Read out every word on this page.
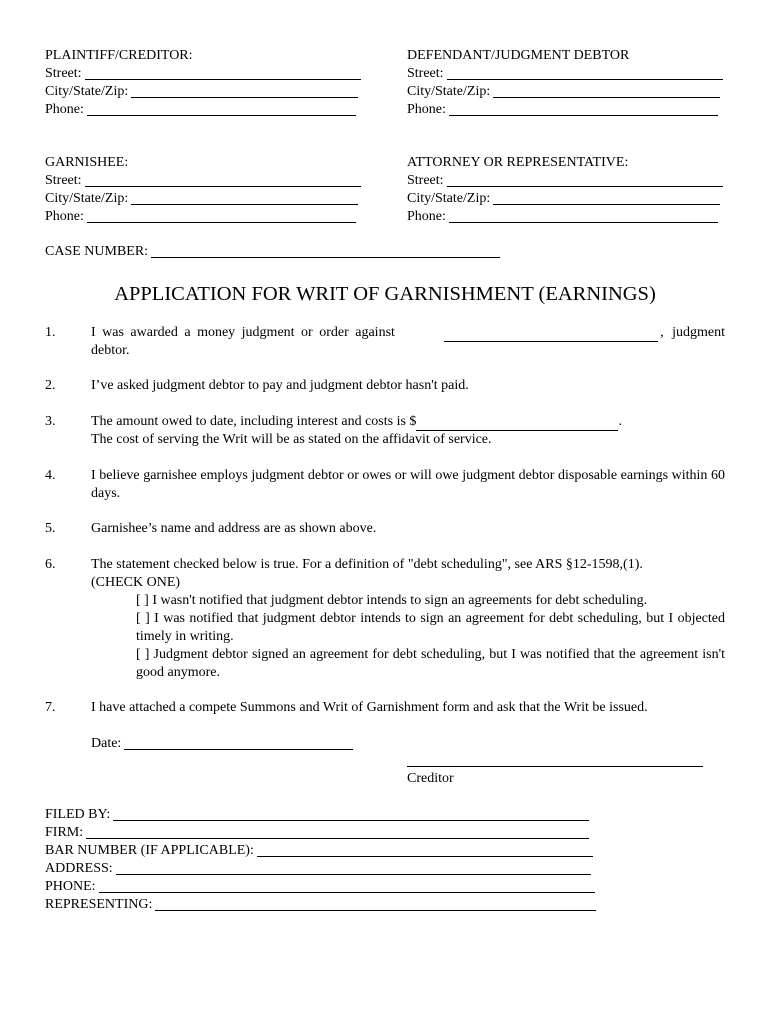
PLAINTIFF/CREDITOR:
Street:
City/State/Zip:
Phone:
DEFENDANT/JUDGMENT DEBTOR
Street:
City/State/Zip:
Phone:
GARNISHEE:
Street:
City/State/Zip:
Phone:
ATTORNEY OR REPRESENTATIVE:
Street:
City/State/Zip:
Phone:
CASE NUMBER:
APPLICATION FOR WRIT OF GARNISHMENT (EARNINGS)
1.	I was awarded a money judgment or order against	, judgment
debtor.
2.	I’ve asked judgment debtor to pay and judgment debtor hasn't paid.
3.	The amount owed to date, including interest and costs is $	.
The cost of serving the Writ will be as stated on the affidavit of service.
4.	I believe garnishee employs judgment debtor or owes or will owe judgment debtor disposable earnings within 60 days.
5.	Garnishee’s name and address are as shown above.
6.	The statement checked below is true. For a definition of "debt scheduling", see ARS §12-1598,(1).
(CHECK ONE)
[ ] I wasn't notified that judgment debtor intends to sign an agreements for debt scheduling.
[ ] I was notified that judgment debtor intends to sign an agreement for debt scheduling, but I objected timely in writing.
[ ] Judgment debtor signed an agreement for debt scheduling, but I was notified that the agreement isn't good anymore.
7.	I have attached a compete Summons and Writ of Garnishment form and ask that the Writ be issued.
Date:
Creditor
FILED BY:
FIRM:
BAR NUMBER (IF APPLICABLE):
ADDRESS:
PHONE:
REPRESENTING:
